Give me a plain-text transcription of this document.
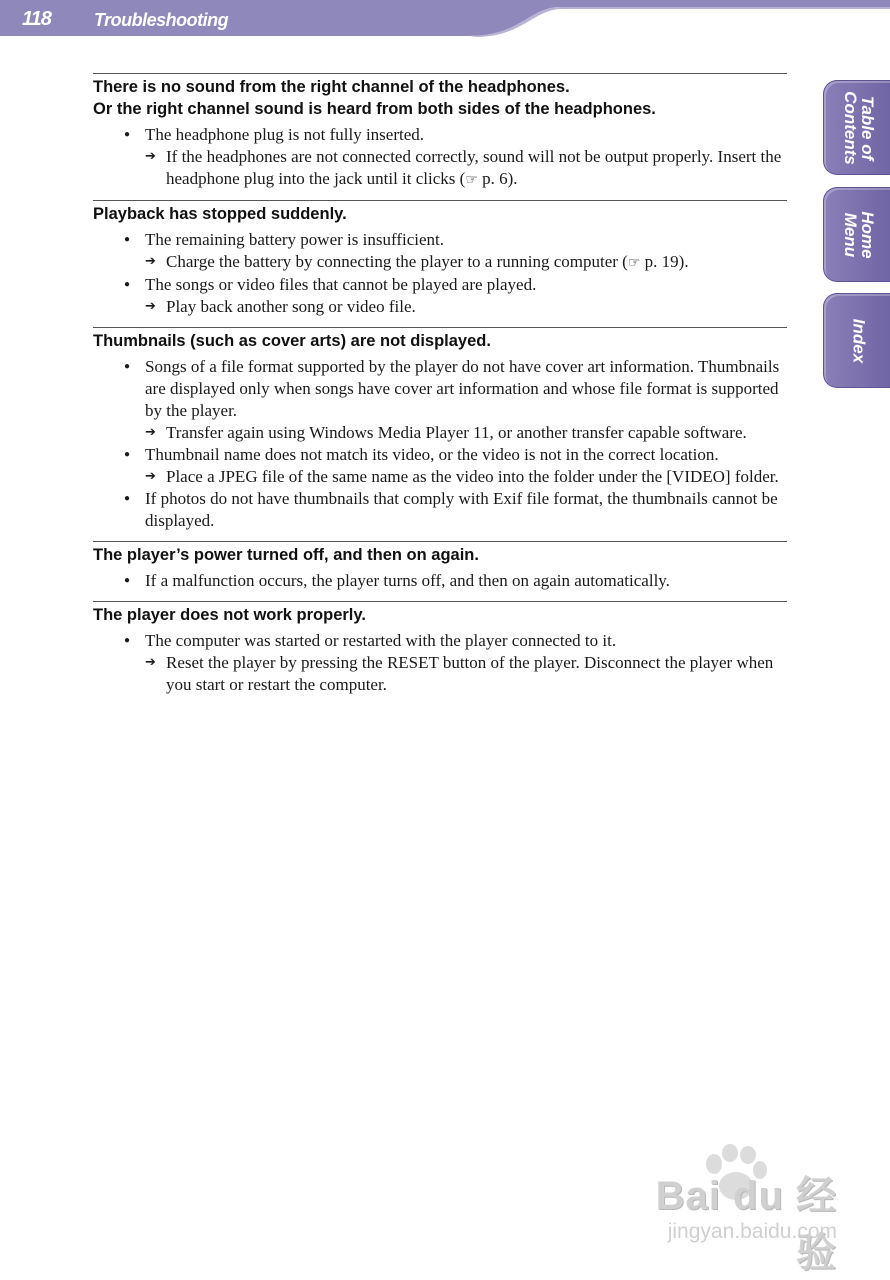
118 Troubleshooting
Table of
Contents
Home
Menu
Index
There is no sound from the right channel of the headphones.
Or the right channel sound is heard from both sides of the headphones.
● The headphone plug is not fully inserted.
➔ If the headphones are not connected correctly, sound will not be output properly. Insert the headphone plug into the jack until it clicks (☞ p. 6).
Playback has stopped suddenly.
● The remaining battery power is insufficient.
➔ Charge the battery by connecting the player to a running computer (☞ p. 19).
● The songs or video files that cannot be played are played.
➔ Play back another song or video file.
Thumbnails (such as cover arts) are not displayed.
● Songs of a file format supported by the player do not have cover art information. Thumbnails are displayed only when songs have cover art information and whose file format is supported by the player.
➔ Transfer again using Windows Media Player 11, or another transfer capable software.
● Thumbnail name does not match its video, or the video is not in the correct location.
➔ Place a JPEG file of the same name as the video into the folder under the [VIDEO] folder.
● If photos do not have thumbnails that comply with Exif file format, the thumbnails cannot be displayed.
The player’s power turned off, and then on again.
● If a malfunction occurs, the player turns off, and then on again automatically.
The player does not work properly.
● The computer was started or restarted with the player connected to it.
➔ Reset the player by pressing the RESET button of the player. Disconnect the player when you start or restart the computer.
Bai du 经验
jingyan.baidu.com
